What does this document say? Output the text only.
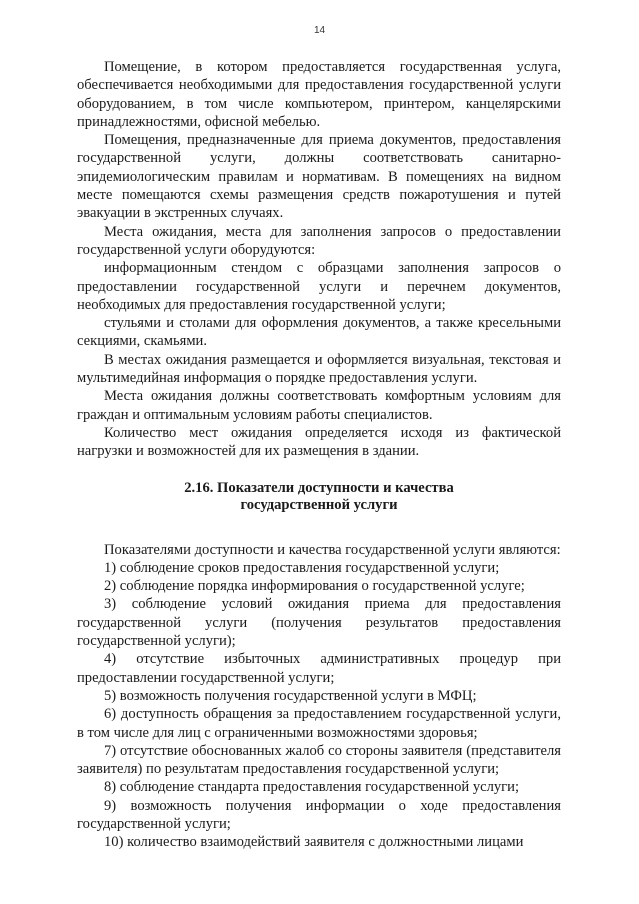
14

Помещение, в котором предоставляется государственная услуга, обеспечивается необходимыми для предоставления государственной услуги оборудованием, в том числе компьютером, принтером, канцелярскими принадлежностями, офисной мебелью.

Помещения, предназначенные для приема документов, предоставления государственной услуги, должны соответствовать санитарно-эпидемиологическим правилам и нормативам. В помещениях на видном месте помещаются схемы размещения средств пожаротушения и путей эвакуации в экстренных случаях.

Места ожидания, места для заполнения запросов о предоставлении государственной услуги оборудуются:

информационным стендом с образцами заполнения запросов о предоставлении государственной услуги и перечнем документов, необходимых для предоставления государственной услуги;

стульями и столами для оформления документов, а также кресельными секциями, скамьями.

В местах ожидания размещается и оформляется визуальная, текстовая и мультимедийная информация о порядке предоставления услуги.

Места ожидания должны соответствовать комфортным условиям для граждан и оптимальным условиям работы специалистов.

Количество мест ожидания определяется исходя из фактической нагрузки и возможностей для их размещения в здании.

2.16. Показатели доступности и качества
государственной услуги

Показателями доступности и качества государственной услуги являются:

1) соблюдение сроков предоставления государственной услуги;

2) соблюдение порядка информирования о государственной услуге;

3) соблюдение условий ожидания приема для предоставления государственной услуги (получения результатов предоставления государственной услуги);

4) отсутствие избыточных административных процедур при предоставлении государственной услуги;

5) возможность получения государственной услуги в МФЦ;

6) доступность обращения за предоставлением государственной услуги, в том числе для лиц с ограниченными возможностями здоровья;

7) отсутствие обоснованных жалоб со стороны заявителя (представителя заявителя) по результатам предоставления государственной услуги;

8) соблюдение стандарта предоставления государственной услуги;

9) возможность получения информации о ходе предоставления государственной услуги;

10) количество взаимодействий заявителя с должностными лицами
